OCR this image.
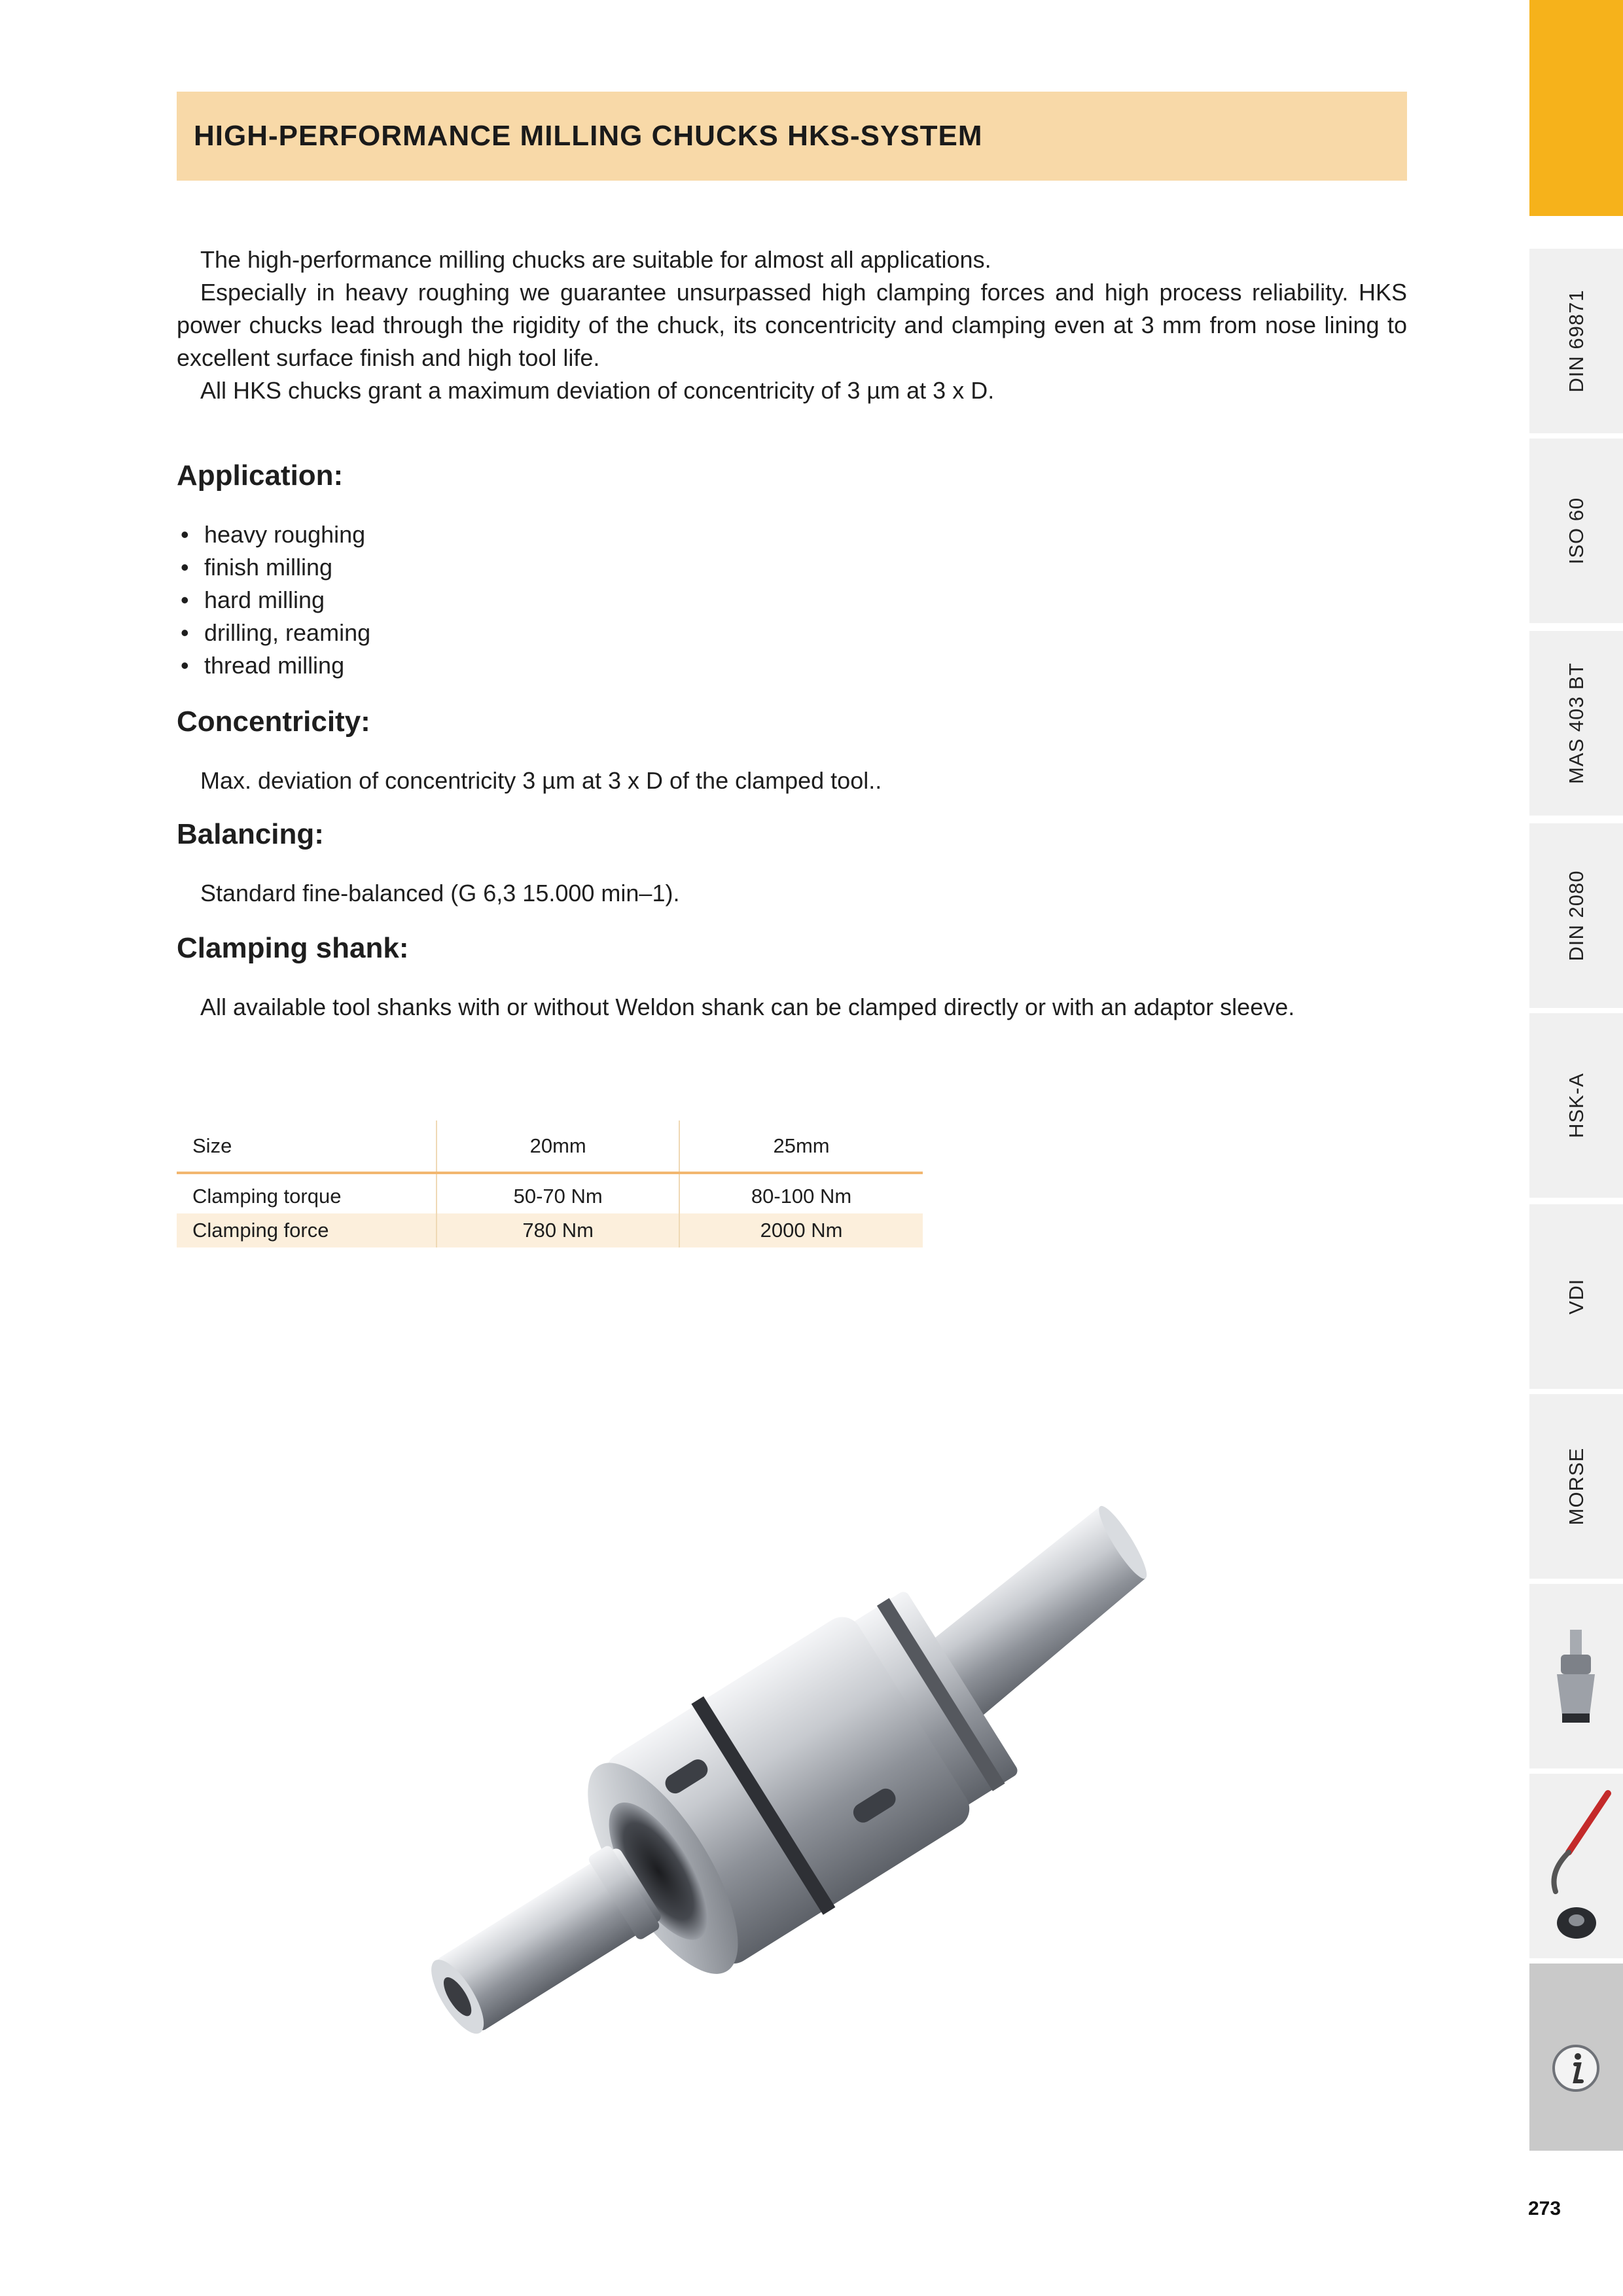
HIGH-PERFORMANCE MILLING CHUCKS HKS-SYSTEM

The high-performance milling chucks are suitable for almost all applications.

Especially in heavy roughing we guarantee unsurpassed high clamping forces and high process reliability. HKS power chucks lead through the rigidity of the chuck, its concentricity and clamping even at 3 mm from nose lining to excellent surface finish and high tool life.

All HKS chucks grant a maximum deviation of concentricity of 3 µm at 3 x D.

Application:
• heavy roughing
• finish milling
• hard milling
• drilling, reaming
• thread milling
Concentricity:

Max. deviation of concentricity 3 µm at 3 x D of the clamped tool..

Balancing:

Standard fine-balanced (G 6,3 15.000 min–1).

Clamping shank:

All available tool shanks with or without Weldon shank can be clamped directly or with an adaptor sleeve.

Size	20mm	25mm
Clamping torque	50-70 Nm	80-100 Nm
Clamping force	780 Nm	2000 Nm
DIN 69871
ISO 60
MAS 403 BT
DIN 2080
HSK-A
VDI
MORSE
273
